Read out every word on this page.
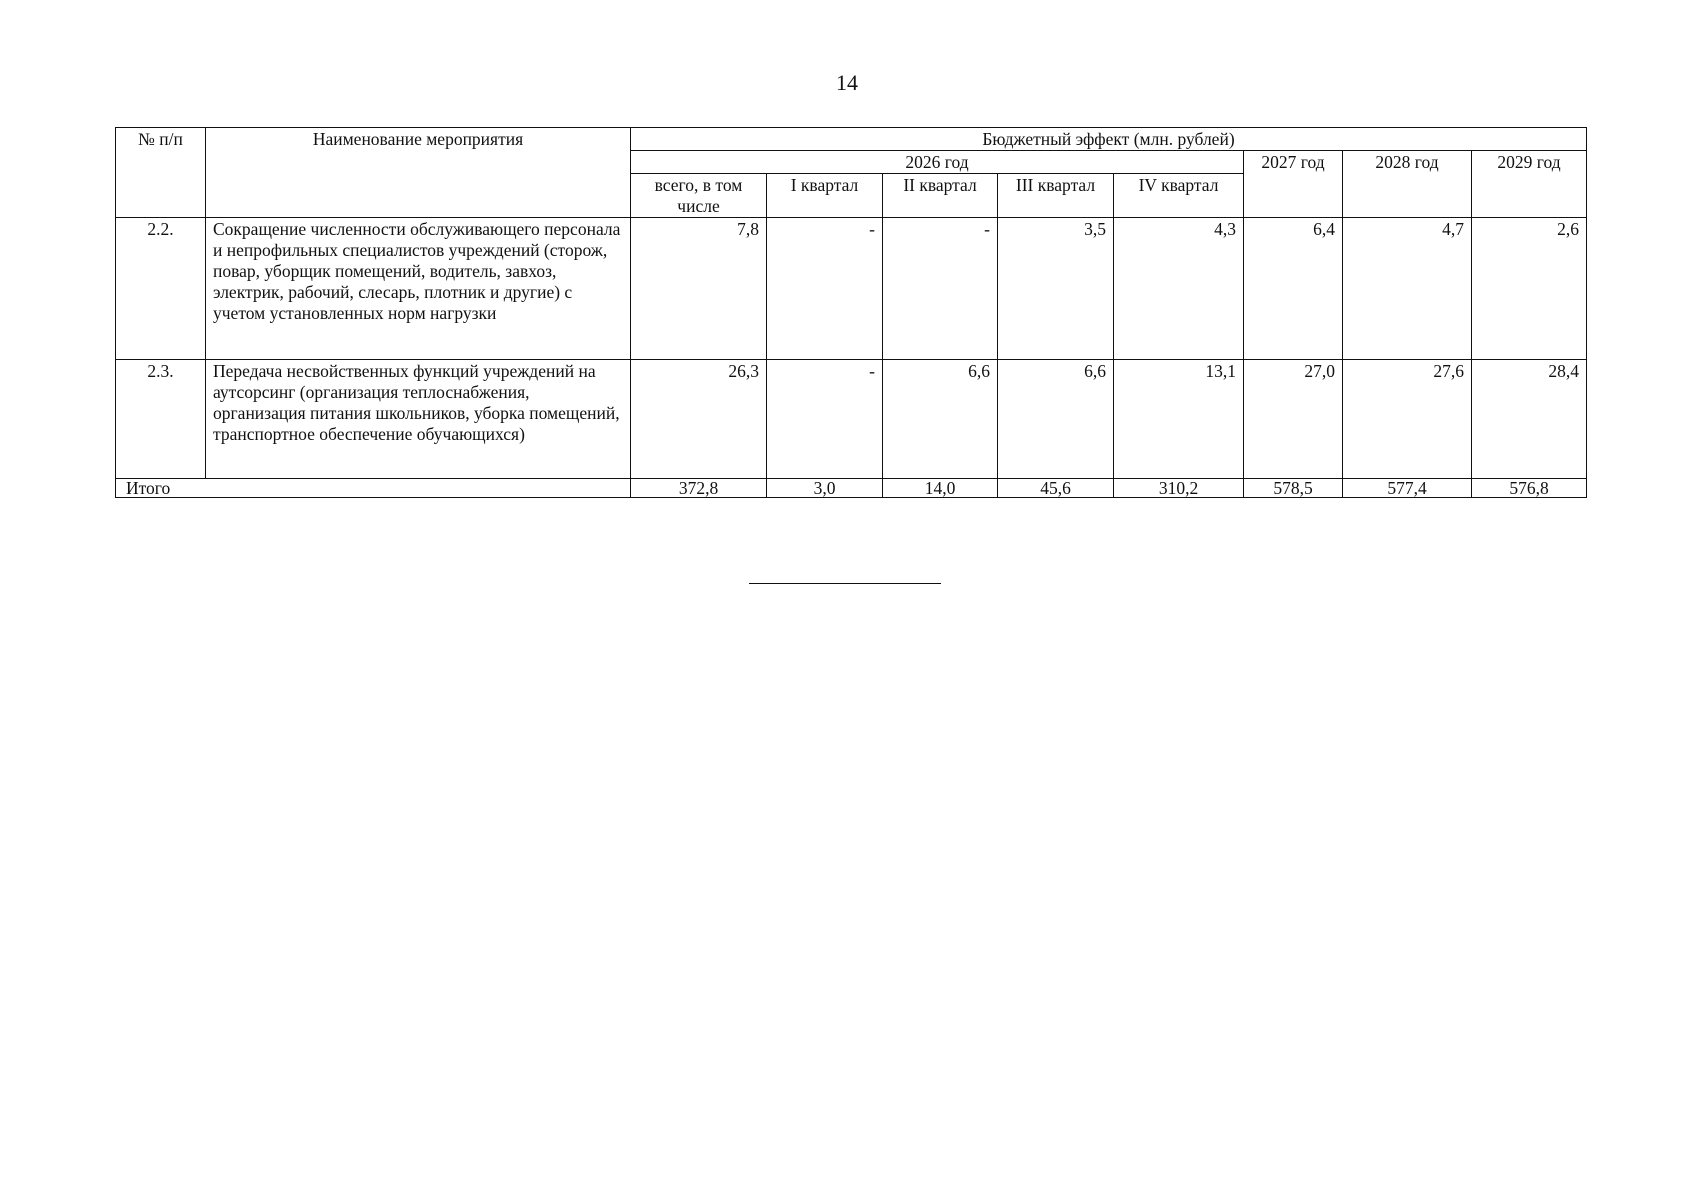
14
№ п/п	Наименование мероприятия	Бюджетный эффект (млн. рублей)							
		2026 год					2027 год	2028 год	2029 год
		всего, в том числе	I квартал	II квартал	III квартал	IV квартал			
2.2.	Сокращение численности обслуживающего персонала и непрофильных специалистов учреждений (сторож, повар, уборщик помещений, водитель, завхоз, электрик, рабочий, слесарь, плотник и другие) с учетом установленных норм нагрузки	7,8	-	-	3,5	4,3	6,4	4,7	2,6
2.3.	Передача несвойственных функций учреждений на аутсорсинг (организация теплоснабжения, организация питания школьников, уборка помещений, транспортное обеспечение обучающихся)	26,3	-	6,6	6,6	13,1	27,0	27,6	28,4
Итого		372,8	3,0	14,0	45,6	310,2	578,5	577,4	576,8
